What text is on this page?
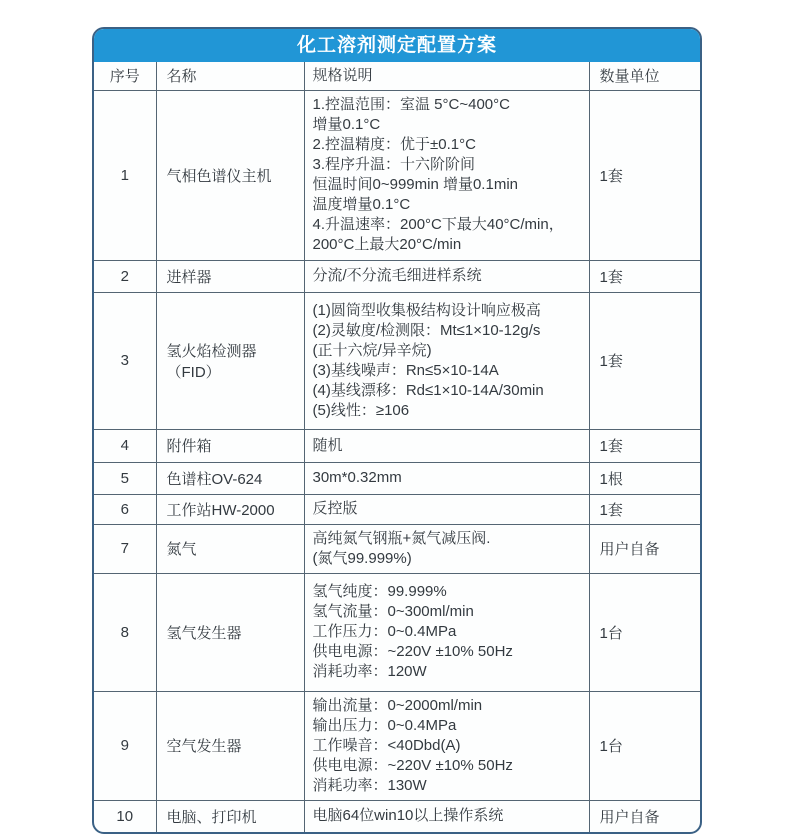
化工溶剂测定配置方案
序号	名称	规格说明	数量单位
1	气相色谱仪主机	
1.控温范围：室温 5°C~400°C
增量0.1°C
2.控温精度：优于±0.1°C
3.程序升温：十六阶阶间
恒温时间0~999min 增量0.1min
温度增量0.1°C
4.升温速率：200°C下最大40°C/min，
200°C上最大20°C/min
	1套
2	进样器	分流/不分流毛细进样系统	1套
3	氢火焰检测器（FID）	
(1)圆筒型收集极结构设计响应极高
(2)灵敏度/检测限：Mt≤1×10-12g/s
(正十六烷/异辛烷)
(3)基线噪声：Rn≤5×10-14A
(4)基线漂移：Rd≤1×10-14A/30min
(5)线性：≥106
	1套
4	附件箱	随机	1套
5	色谱柱OV-624	30m*0.32mm	1根
6	工作站HW-2000	反控版	1套
7	氮气	高纯氮气钢瓶+氮气减压阀.
(氮气99.999%)	用户自备
8	氢气发生器	氢气纯度：99.999%
氢气流量：0~300ml/min
工作压力：0~0.4MPa
供电电源：~220V ±10% 50Hz
消耗功率：120W	1台
9	空气发生器	输出流量：0~2000ml/min
输出压力：0~0.4MPa
工作噪音：<40Dbd(A)
供电电源：~220V ±10% 50Hz
消耗功率：130W	1台
10	电脑、打印机	电脑64位win10以上操作系统	用户自备
